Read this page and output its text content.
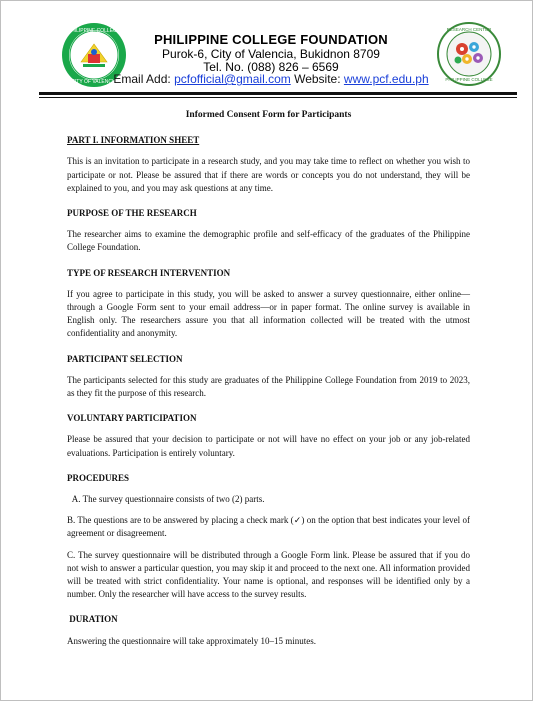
PHILIPPINE COLLEGE
CITY OF VALENCIA
RESEARCH CENTER
PHILIPPINE COLLEGE
PHILIPPINE COLLEGE FOUNDATION
Purok-6, City of Valencia, Bukidnon 8709
Tel. No. (088) 826 – 6569
Email Add: pcfofficial@gmail.com Website: www.pcf.edu.ph
Informed Consent Form for Participants
PART I. INFORMATION SHEET

This is an invitation to participate in a research study, and you may take time to reflect on whether you wish to participate or not. Please be assured that if there are words or concepts you do not understand, they will be explained to you, and you may ask questions at any time.

PURPOSE OF THE RESEARCH

The researcher aims to examine the demographic profile and self-efficacy of the graduates of the Philippine College Foundation.

TYPE OF RESEARCH INTERVENTION

If you agree to participate in this study, you will be asked to answer a survey questionnaire, either online—through a Google Form sent to your email address—or in paper format. The online survey is available in English only. The researchers assure you that all information collected will be treated with the utmost confidentiality and anonymity.

PARTICIPANT SELECTION

The participants selected for this study are graduates of the Philippine College Foundation from 2019 to 2023, as they fit the purpose of this research.

VOLUNTARY PARTICIPATION

Please be assured that your decision to participate or not will have no effect on your job or any job-related evaluations. Participation is entirely voluntary.

PROCEDURES

A. The survey questionnaire consists of two (2) parts.

B. The questions are to be answered by placing a check mark (✓) on the option that best indicates your level of agreement or disagreement.

C. The survey questionnaire will be distributed through a Google Form link. Please be assured that if you do not wish to answer a particular question, you may skip it and proceed to the next one. All information provided will be treated with strict confidentiality. Your name is optional, and responses will be identified only by a number. Only the researcher will have access to the survey results.

DURATION

Answering the questionnaire will take approximately 10–15 minutes.
